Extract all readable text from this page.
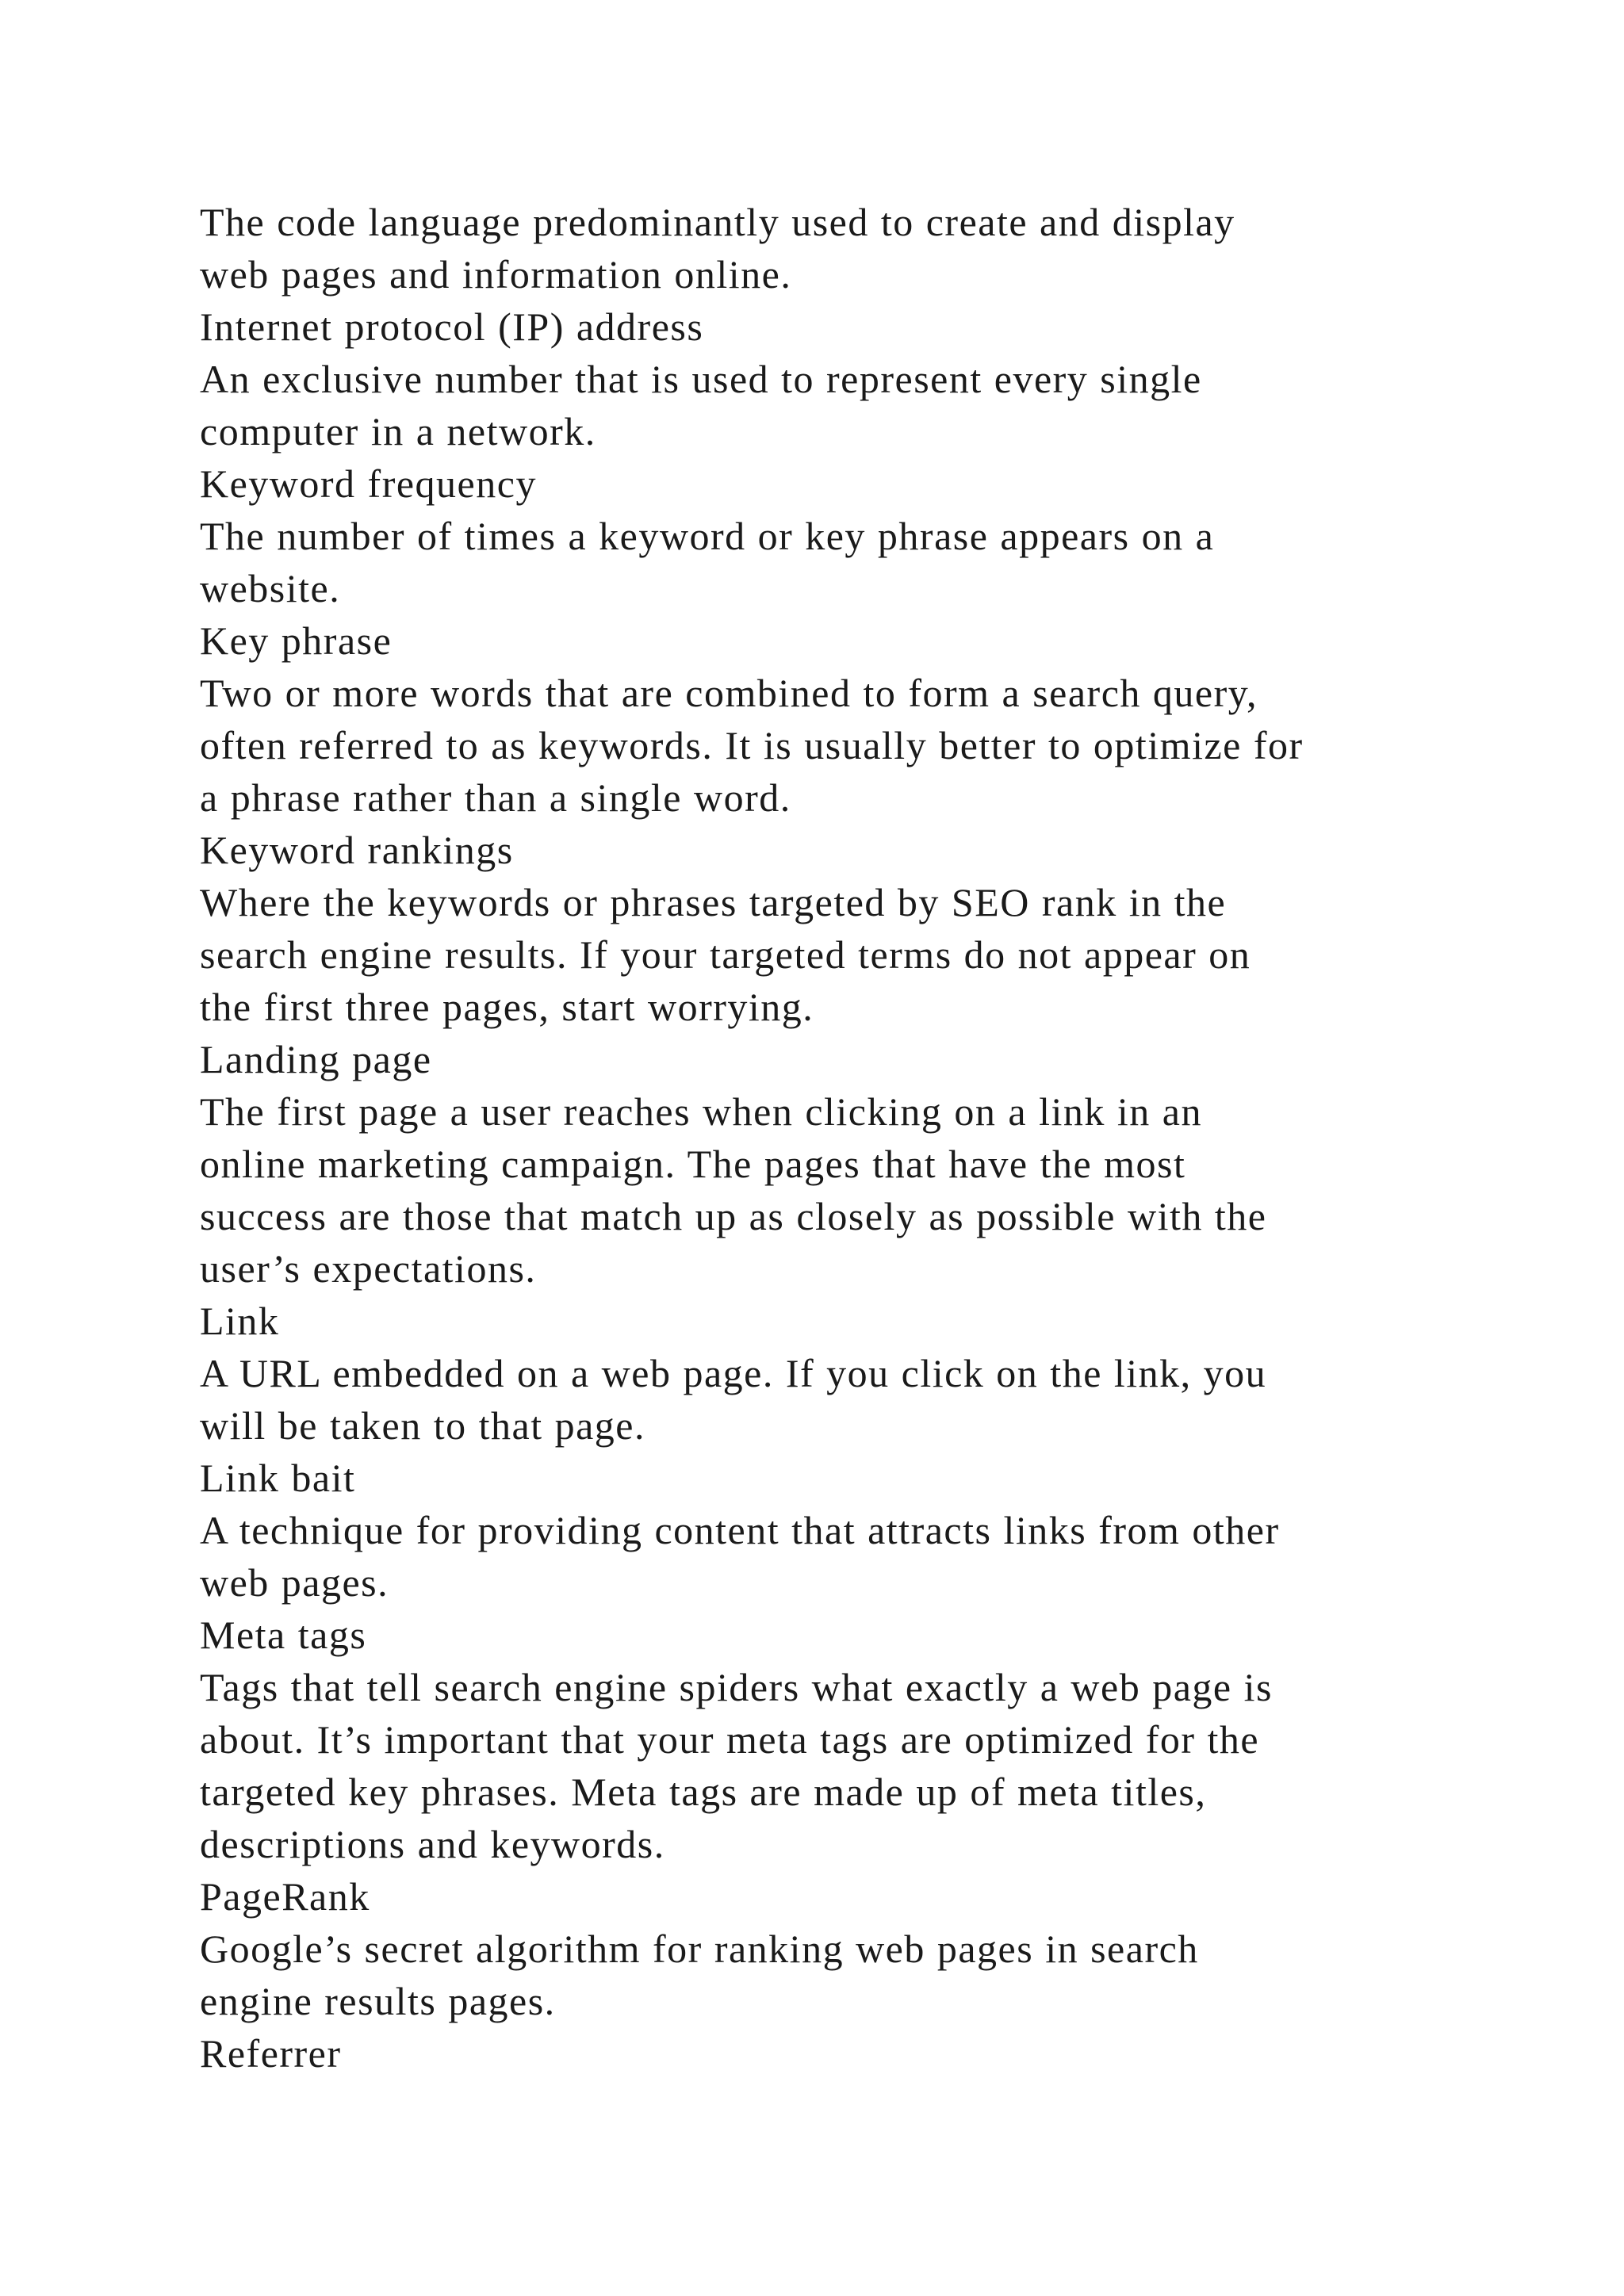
The code language predominantly used to create and display
web pages and information online.
Internet protocol (IP) address
An exclusive number that is used to represent every single
computer in a network.
Keyword frequency
The number of times a keyword or key phrase appears on a
website.
Key phrase
Two or more words that are combined to form a search query,
often referred to as keywords. It is usually better to optimize for
a phrase rather than a single word.
Keyword rankings
Where the keywords or phrases targeted by SEO rank in the
search engine results. If your targeted terms do not appear on
the first three pages, start worrying.
Landing page
The first page a user reaches when clicking on a link in an
online marketing campaign. The pages that have the most
success are those that match up as closely as possible with the
user’s expectations.
Link
A URL embedded on a web page. If you click on the link, you
will be taken to that page.
Link bait
A technique for providing content that attracts links from other
web pages.
Meta tags
Tags that tell search engine spiders what exactly a web page is
about. It’s important that your meta tags are optimized for the
targeted key phrases. Meta tags are made up of meta titles,
descriptions and keywords.
PageRank
Google’s secret algorithm for ranking web pages in search
engine results pages.
Referrer
